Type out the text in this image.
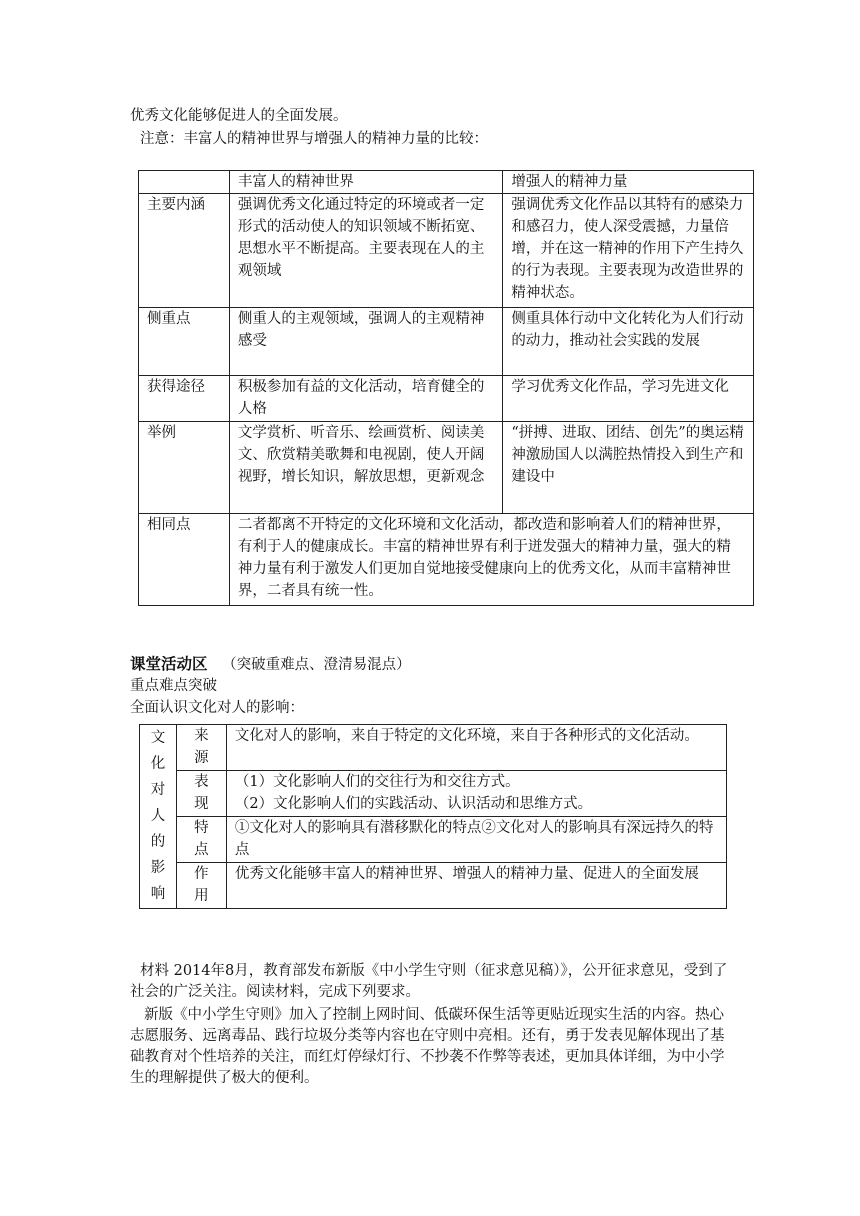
优秀文化能够促进人的全面发展。
注意：丰富人的精神世界与增强人的精神力量的比较：
	丰富人的精神世界	增强人的精神力量
主要内涵	强调优秀文化通过特定的环境或者一定形式的活动使人的知识领域不断拓宽、思想水平不断提高。主要表现在人的主观领域	强调优秀文化作品以其特有的感染力和感召力，使人深受震撼，力量倍增，并在这一精神的作用下产生持久的行为表现。主要表现为改造世界的精神状态。
侧重点	侧重人的主观领域，强调人的主观精神感受	侧重具体行动中文化转化为人们行动的动力，推动社会实践的发展
获得途径	积极参加有益的文化活动，培育健全的人格	学习优秀文化作品，学习先进文化
举例	文学赏析、听音乐、绘画赏析、阅读美文、欣赏精美歌舞和电视剧，使人开阔视野，增长知识，解放思想，更新观念	“拼搏、进取、团结、创先”的奥运精神激励国人以满腔热情投入到生产和建设中
相同点	二者都离不开特定的文化环境和文化活动，都改造和影响着人们的精神世界，有利于人的健康成长。丰富的精神世界有利于迸发强大的精神力量，强大的精神力量有利于激发人们更加自觉地接受健康向上的优秀文化，从而丰富精神世界，二者具有统一性。	
课堂活动区 （突破重难点、澄清易混点）
重点难点突破
全面认识文化对人的影响：
文化对人的影响	来源	文化对人的影响，来自于特定的文化环境，来自于各种形式的文化活动。

	表现	（1）文化影响人们的交往行为和交往方式。
（2）文化影响人们的实践活动、认识活动和思维方式。

	特点	①文化对人的影响具有潜移默化的特点②文化对人的影响具有深远持久的特点

	作用	优秀文化能够丰富人的精神世界、增强人的精神力量、促进人的全面发展
材料 2014年8月，教育部发布新版《中小学生守则（征求意见稿）》，公开征求意见，受到了社会的广泛关注。阅读材料，完成下列要求。
新版《中小学生守则》加入了控制上网时间、低碳环保生活等更贴近现实生活的内容。热心志愿服务、远离毒品、践行垃圾分类等内容也在守则中亮相。还有，勇于发表见解体现出了基础教育对个性培养的关注，而红灯停绿灯行、不抄袭不作弊等表述，更加具体详细，为中小学生的理解提供了极大的便利。
